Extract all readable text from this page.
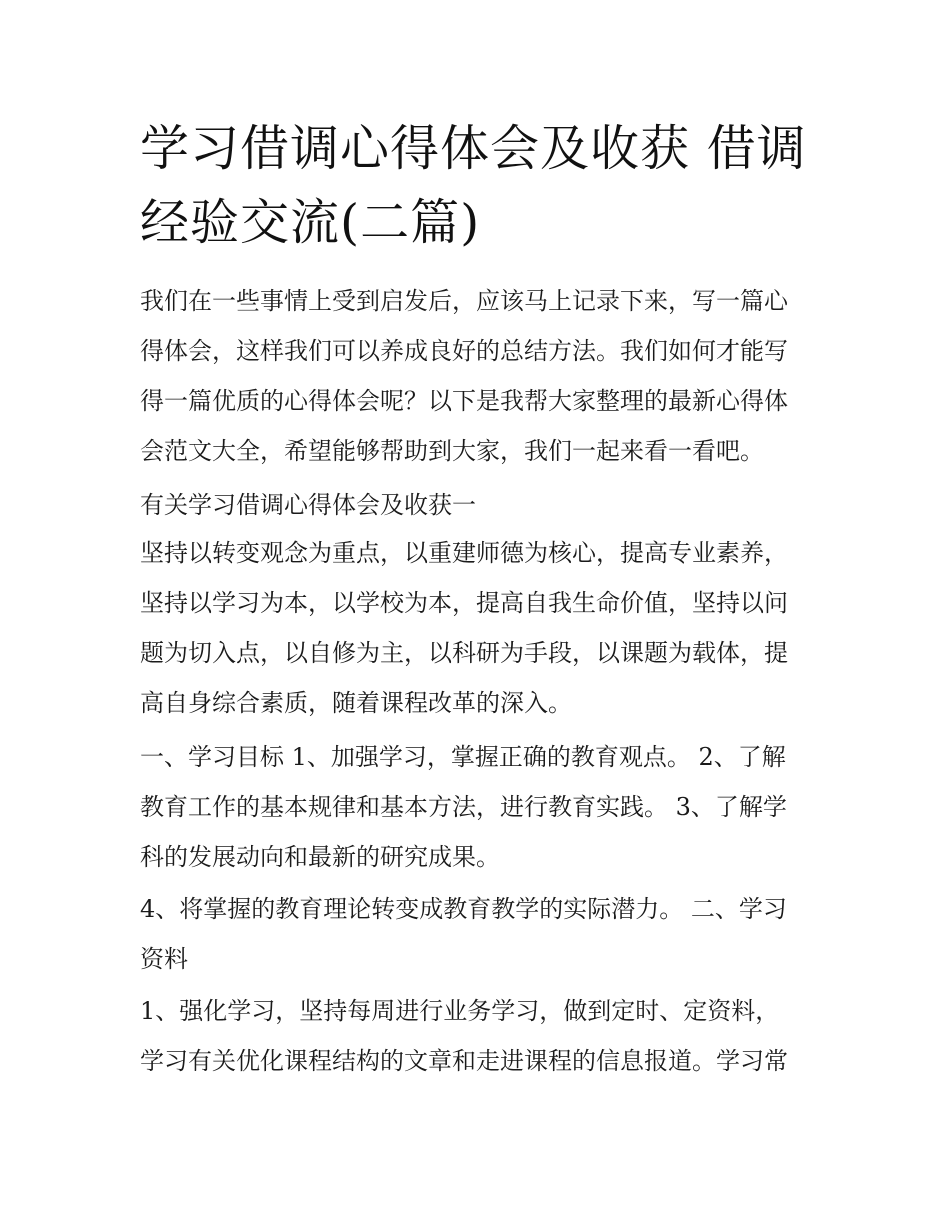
学习借调心得体会及收获 借调
经验交流(二篇)

我们在一些事情上受到启发后，应该马上记录下来，写一篇心
得体会，这样我们可以养成良好的总结方法。我们如何才能写
得一篇优质的心得体会呢？以下是我帮大家整理的最新心得体
会范文大全，希望能够帮助到大家，我们一起来看一看吧。

有关学习借调心得体会及收获一

坚持以转变观念为重点，以重建师德为核心，提高专业素养，
坚持以学习为本，以学校为本，提高自我生命价值，坚持以问
题为切入点，以自修为主，以科研为手段，以课题为载体，提
高自身综合素质，随着课程改革的深入。

一、学习目标 1、加强学习，掌握正确的教育观点。 2、了解
教育工作的基本规律和基本方法，进行教育实践。 3、了解学
科的发展动向和最新的研究成果。

4、将掌握的教育理论转变成教育教学的实际潜力。 二、学习
资料

1、强化学习，坚持每周进行业务学习，做到定时、定资料，
学习有关优化课程结构的文章和走进课程的信息报道。学习常
